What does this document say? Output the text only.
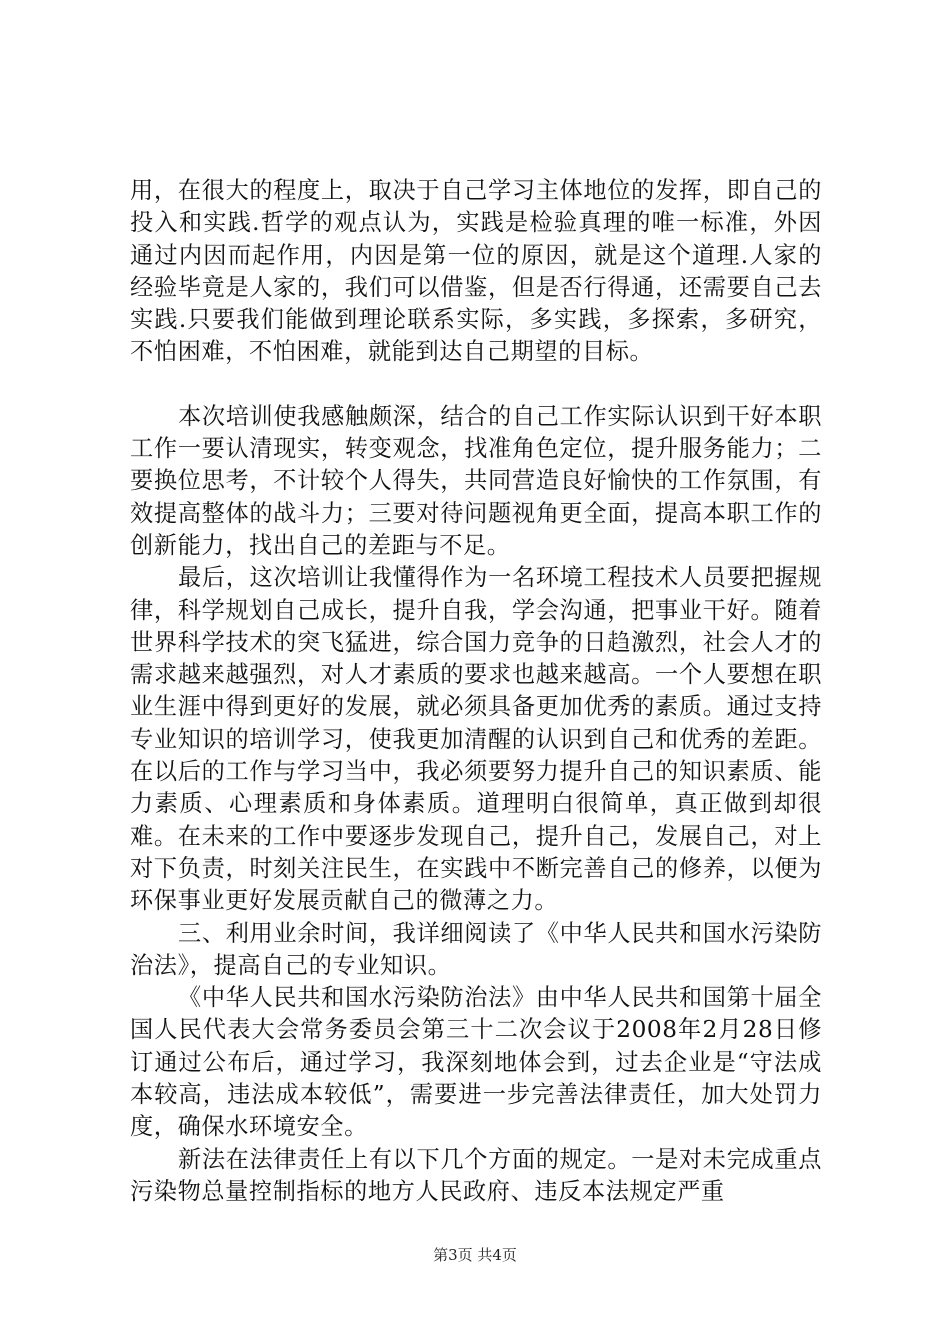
用，在很大的程度上，取决于自己学习主体地位的发挥，即自己的投入和实践.哲学的观点认为，实践是检验真理的唯一标准，外因通过内因而起作用，内因是第一位的原因，就是这个道理.人家的经验毕竟是人家的，我们可以借鉴，但是否行得通，还需要自己去实践.只要我们能做到理论联系实际，多实践，多探索，多研究，不怕困难，不怕困难，就能到达自己期望的目标。

本次培训使我感触颇深，结合的自己工作实际认识到干好本职工作一要认清现实，转变观念，找准角色定位，提升服务能力；二要换位思考，不计较个人得失，共同营造良好愉快的工作氛围，有效提高整体的战斗力；三要对待问题视角更全面，提高本职工作的创新能力，找出自己的差距与不足。

最后，这次培训让我懂得作为一名环境工程技术人员要把握规律，科学规划自己成长，提升自我，学会沟通，把事业干好。随着世界科学技术的突飞猛进，综合国力竞争的日趋激烈，社会人才的需求越来越强烈，对人才素质的要求也越来越高。一个人要想在职业生涯中得到更好的发展，就必须具备更加优秀的素质。通过支持专业知识的培训学习，使我更加清醒的认识到自己和优秀的差距。在以后的工作与学习当中，我必须要努力提升自己的知识素质、能力素质、心理素质和身体素质。道理明白很简单，真正做到却很难。在未来的工作中要逐步发现自己，提升自己，发展自己，对上对下负责，时刻关注民生，在实践中不断完善自己的修养，以便为环保事业更好发展贡献自己的微薄之力。

三、利用业余时间，我详细阅读了《中华人民共和国水污染防治法》，提高自己的专业知识。

《中华人民共和国水污染防治法》由中华人民共和国第十届全国人民代表大会常务委员会第三十二次会议于2008年2月28日修订通过公布后，通过学习，我深刻地体会到，过去企业是“守法成本较高，违法成本较低”，需要进一步完善法律责任，加大处罚力度，确保水环境安全。

新法在法律责任上有以下几个方面的规定。一是对未完成重点污染物总量控制指标的地方人民政府、违反本法规定严重

第3页 共4页
